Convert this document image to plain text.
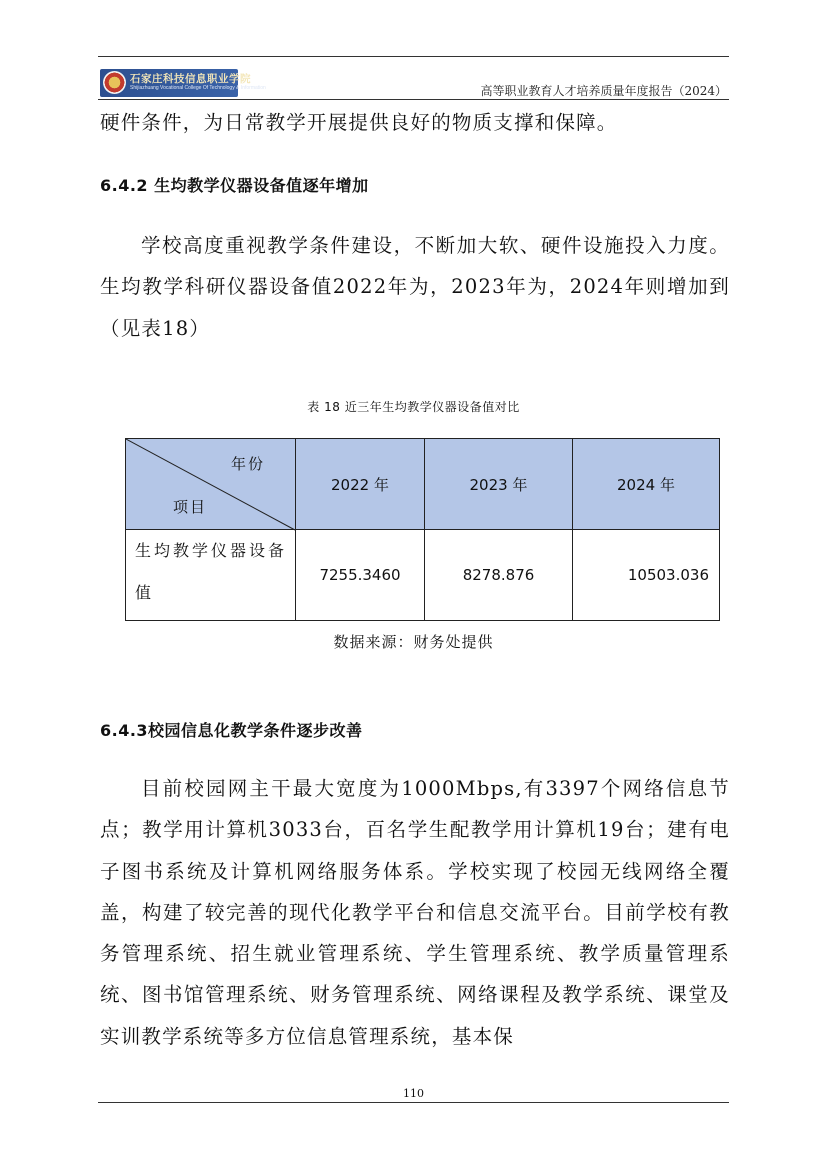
石家庄科技信息职业学院
Shijiazhuang Vocational College Of Technology & Information	高等职业教育人才培养质量年度报告（2024）
硬件条件，为日常教学开展提供良好的物质支撑和保障。
6.4.2 生均教学仪器设备值逐年增加
学校高度重视教学条件建设，不断加大软、硬件设施投入力度。生均教学科研仪器设备值2022年为，2023年为，2024年则增加到（见表18）
表 18 近三年生均教学仪器设备值对比
年份
项目	2022 年	2023 年	2024 年
生均教学仪器设备值	7255.3460	8278.876	10503.036
数据来源：财务处提供
6.4.3校园信息化教学条件逐步改善
目前校园网主干最大宽度为1000Mbps,有3397个网络信息节点；教学用计算机3033台，百名学生配教学用计算机19台；建有电子图书系统及计算机网络服务体系。学校实现了校园无线网络全覆盖，构建了较完善的现代化教学平台和信息交流平台。目前学校有教务管理系统、招生就业管理系统、学生管理系统、教学质量管理系统、图书馆管理系统、财务管理系统、网络课程及教学系统、课堂及实训教学系统等多方位信息管理系统，基本保
110
